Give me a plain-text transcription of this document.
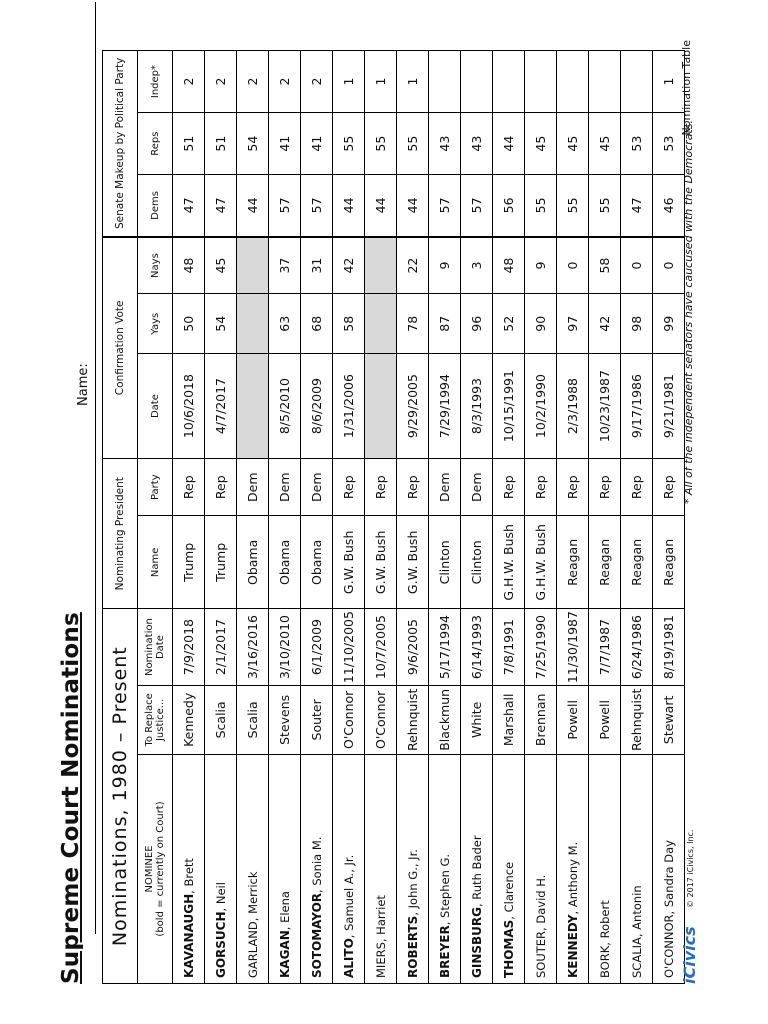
Supreme Court Nominations
Name:
Nominations, 1980 – Present			Nominating President		Confirmation Vote			Senate Makeup by Political Party		

NOMINEE (bold = currently on Court)	To Replace Justice...	Nomination Date	Name	Party	Date	Yays	Nays	Dems	Reps	Indep*
KAVANAUGH, Brett	Kennedy	7/9/2018	Trump	Rep	10/6/2018	50	48	47	51	2
GORSUCH, Neil	Scalia	2/1/2017	Trump	Rep	4/7/2017	54	45	47	51	2
GARLAND, Merrick	Scalia	3/16/2016	Obama	Dem				44	54	2
KAGAN, Elena	Stevens	3/10/2010	Obama	Dem	8/5/2010	63	37	57	41	2
SOTOMAYOR, Sonia M.	Souter	6/1/2009	Obama	Dem	8/6/2009	68	31	57	41	2
ALITO, Samuel A., Jr.	O'Connor	11/10/2005	G.W. Bush	Rep	1/31/2006	58	42	44	55	1
MIERS, Harriet	O'Connor	10/7/2005	G.W. Bush	Rep				44	55	1
ROBERTS, John G., Jr.	Rehnquist	9/6/2005	G.W. Bush	Rep	9/29/2005	78	22	44	55	1
BREYER, Stephen G.	Blackmun	5/17/1994	Clinton	Dem	7/29/1994	87	9	57	43	
GINSBURG, Ruth Bader	White	6/14/1993	Clinton	Dem	8/3/1993	96	3	57	43	
THOMAS, Clarence	Marshall	7/8/1991	G.H.W. Bush	Rep	10/15/1991	52	48	56	44	
SOUTER, David H.	Brennan	7/25/1990	G.H.W. Bush	Rep	10/2/1990	90	9	55	45	
KENNEDY, Anthony M.	Powell	11/30/1987	Reagan	Rep	2/3/1988	97	0	55	45	
BORK, Robert	Powell	7/7/1987	Reagan	Rep	10/23/1987	42	58	55	45	
SCALIA, Antonin	Rehnquist	6/24/1986	Reagan	Rep	9/17/1986	98	0	47	53	
O'CONNOR, Sandra Day	Stewart	8/19/1981	Reagan	Rep	9/21/1981	99	0	46	53	1
iCivics
© 2017 iCivics, Inc.
* All of the independent senators have caucused with the Democrats.
Nomination Table
